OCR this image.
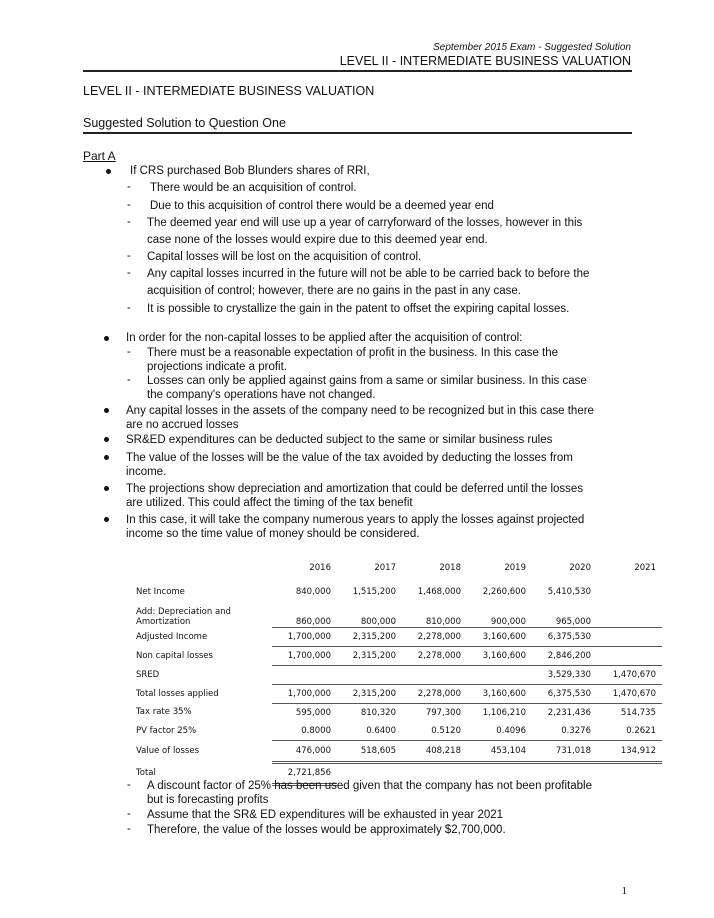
September 2015 Exam - Suggested Solution
LEVEL II - INTERMEDIATE BUSINESS VALUATION
LEVEL II - INTERMEDIATE BUSINESS VALUATION
Suggested Solution to Question One
Part A
If CRS purchased Bob Blunders shares of RRI,
- There would be an acquisition of control.
- Due to this acquisition of control there would be a deemed year end
- The deemed year end will use up a year of carryforward of the losses, however in this
case none of the losses would expire due to this deemed year end.
- Capital losses will be lost on the acquisition of control.
- Any capital losses incurred in the future will not be able to be carried back to before the
acquisition of control; however, there are no gains in the past in any case.
- It is possible to crystallize the gain in the patent to offset the expiring capital losses.
In order for the non-capital losses to be applied after the acquisition of control:
- There must be a reasonable expectation of profit in the business. In this case the
projections indicate a profit.
- Losses can only be applied against gains from a same or similar business. In this case
the company's operations have not changed.
Any capital losses in the assets of the company need to be recognized but in this case there
are no accrued losses
SR&ED expenditures can be deducted subject to the same or similar business rules
The value of the losses will be the value of the tax avoided by deducting the losses from
income.
The projections show depreciation and amortization that could be deferred until the losses
are utilized. This could affect the timing of the tax benefit
In this case, it will take the company numerous years to apply the losses against projected
income so the time value of money should be considered.
	2016	2017	2018	2019	2020	2021
Net Income	840,000	1,515,200	1,468,000	2,260,600	5,410,530	
Add: Depreciation and
Amortization	860,000	800,000	810,000	900,000	965,000	
Adjusted Income	1,700,000	2,315,200	2,278,000	3,160,600	6,375,530	
Non capital losses	1,700,000	2,315,200	2,278,000	3,160,600	2,846,200	
SRED					3,529,330	1,470,670
Total losses applied	1,700,000	2,315,200	2,278,000	3,160,600	6,375,530	1,470,670
Tax rate 35%	595,000	810,320	797,300	1,106,210	2,231,436	514,735
PV factor 25%	0.8000	0.6400	0.5120	0.4096	0.3276	0.2621
Value of losses	476,000	518,605	408,218	453,104	731,018	134,912
Total	2,721,856					
- A discount factor of 25% has been used given that the company has not been profitable
but is forecasting profits
- Assume that the SR& ED expenditures will be exhausted in year 2021
- Therefore, the value of the losses would be approximately $2,700,000.
1
